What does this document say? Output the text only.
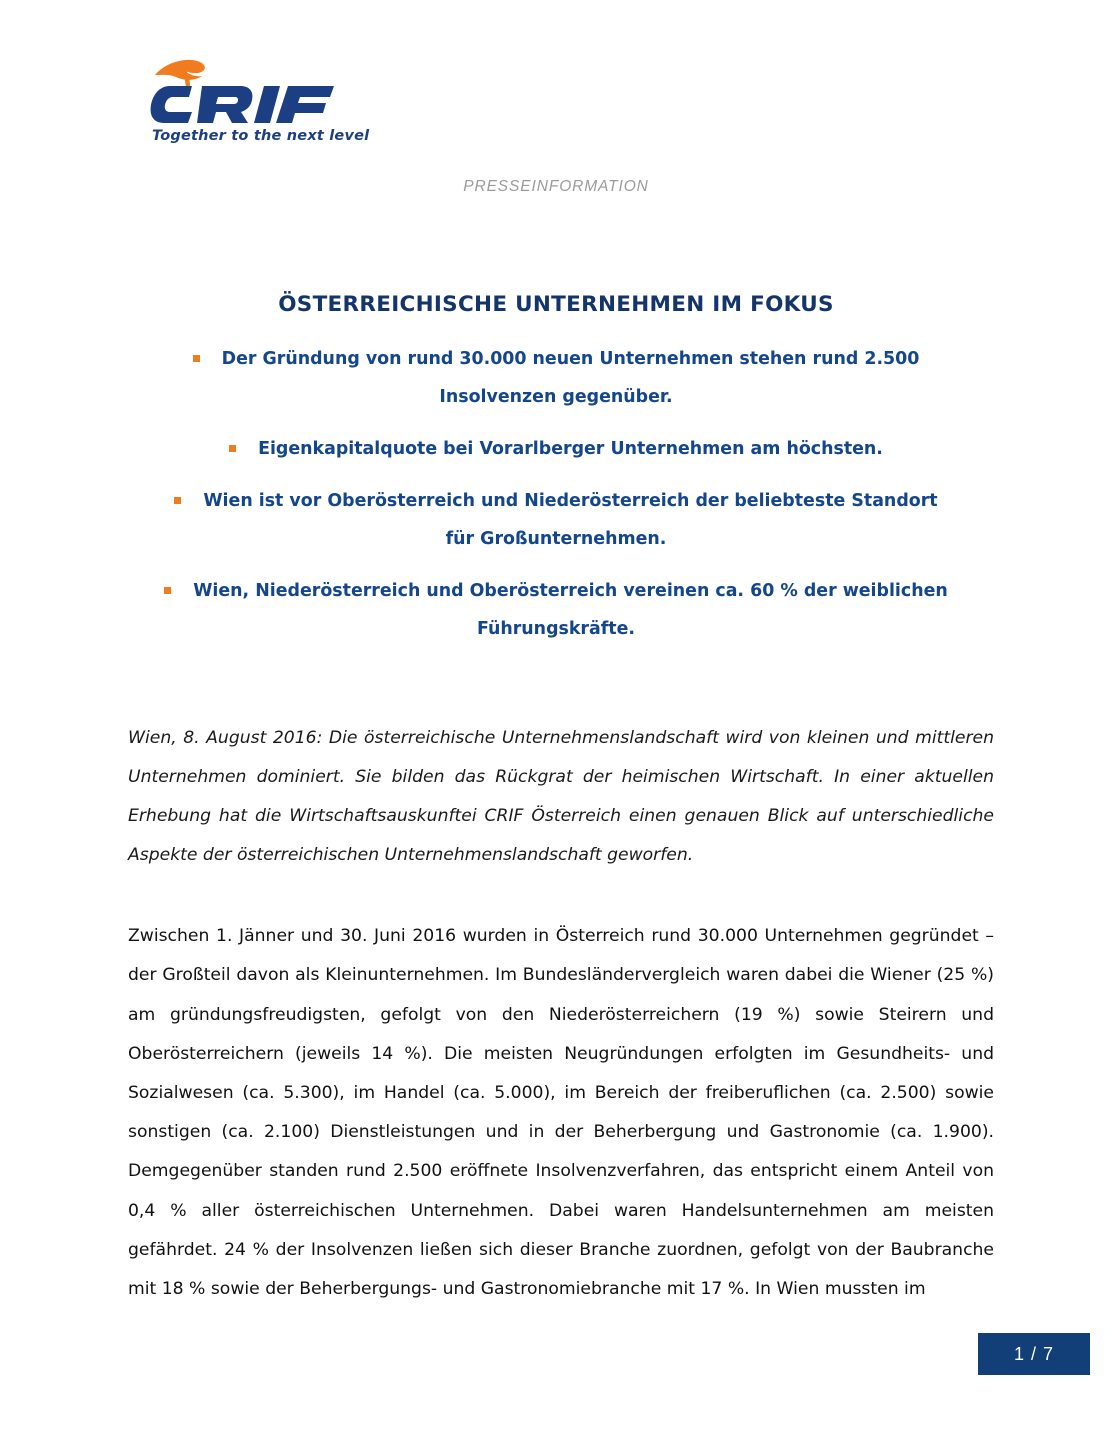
Together to the next level
PRESSEINFORMATION
ÖSTERREICHISCHE UNTERNEHMEN IM FOKUS
Der Gründung von rund 30.000 neuen Unternehmen stehen rund 2.500 Insolvenzen gegenüber.
Eigenkapitalquote bei Vorarlberger Unternehmen am höchsten.
Wien ist vor Oberösterreich und Niederösterreich der beliebteste Standort für Großunternehmen.
Wien, Niederösterreich und Oberösterreich vereinen ca. 60 % der weiblichen Führungskräfte.

Wien, 8. August 2016: Die österreichische Unternehmenslandschaft wird von kleinen und mittleren Unternehmen dominiert. Sie bilden das Rückgrat der heimischen Wirtschaft. In einer aktuellen Erhebung hat die Wirtschaftsauskunftei CRIF Österreich einen genauen Blick auf unterschiedliche Aspekte der österreichischen Unternehmenslandschaft geworfen.

Zwischen 1. Jänner und 30. Juni 2016 wurden in Österreich rund 30.000 Unternehmen gegründet – der Großteil davon als Kleinunternehmen. Im Bundesländervergleich waren dabei die Wiener (25 %) am gründungsfreudigsten, gefolgt von den Niederösterreichern (19 %) sowie Steirern und Oberösterreichern (jeweils 14 %). Die meisten Neugründungen erfolgten im Gesundheits- und Sozialwesen (ca. 5.300), im Handel (ca. 5.000), im Bereich der freiberuflichen (ca. 2.500) sowie sonstigen (ca. 2.100) Dienstleistungen und in der Beherbergung und Gastronomie (ca. 1.900). Demgegenüber standen rund 2.500 eröffnete Insolvenzverfahren, das entspricht einem Anteil von 0,4 % aller österreichischen Unternehmen. Dabei waren Handelsunternehmen am meisten gefährdet. 24 % der Insolvenzen ließen sich dieser Branche zuordnen, gefolgt von der Baubranche mit 18 % sowie der Beherbergungs- und Gastronomiebranche mit 17 %. In Wien mussten im

1 / 7
